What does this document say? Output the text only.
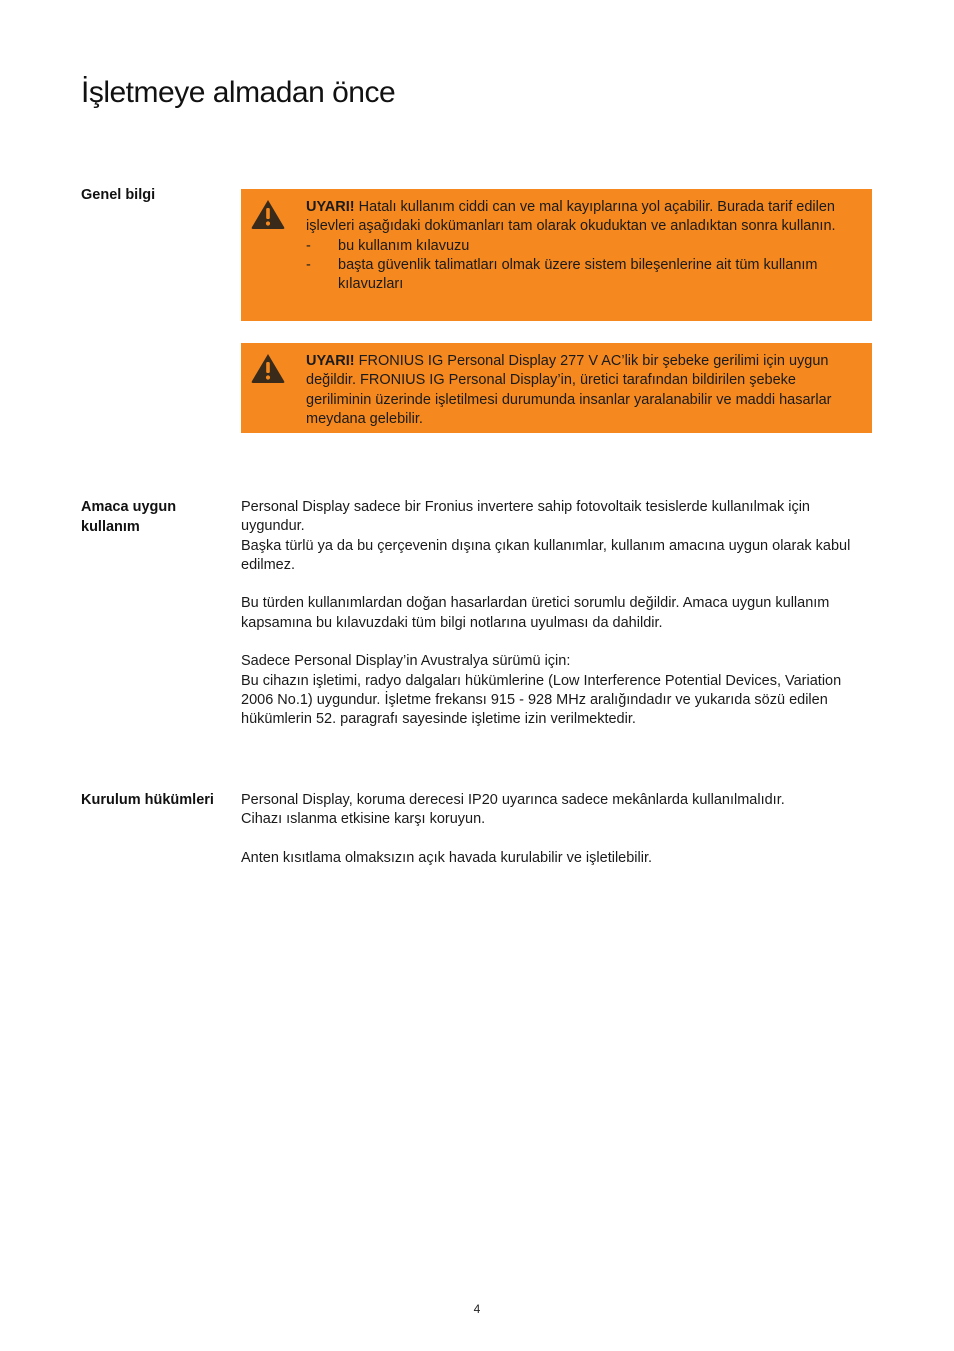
İşletmeye almadan önce
Genel bilgi

UYARI! Hatalı kullanım ciddi can ve mal kayıplarına yol açabilir. Burada tarif edilen işlevleri aşağıdaki dokümanları tam olarak okuduktan ve anladıktan sonra kullanın.

- bu kullanım kılavuzu
- başta güvenlik talimatları olmak üzere sistem bileşenlerine ait tüm kullanım kılavuzları

UYARI! FRONIUS IG Personal Display 277 V AC’lik bir şebeke gerilimi için uygun değildir. FRONIUS IG Personal Display’in, üretici tarafından bildirilen şebeke geriliminin üzerinde işletilmesi durumunda insanlar yaralanabilir ve maddi hasarlar meydana gelebilir.

Amaca uygun kullanım

Personal Display sadece bir Fronius invertere sahip fotovoltaik tesislerde kullanılmak için uygundur.

Başka türlü ya da bu çerçevenin dışına çıkan kullanımlar, kullanım amacına uygun olarak kabul edilmez.

Bu türden kullanımlardan doğan hasarlardan üretici sorumlu değildir. Amaca uygun kullanım kapsamına bu kılavuzdaki tüm bilgi notlarına uyulması da dahildir.

Sadece Personal Display’in Avustralya sürümü için:

Bu cihazın işletimi, radyo dalgaları hükümlerine (Low Interference Potential Devices, Variation 2006 No.1) uygundur. İşletme frekansı 915 - 928 MHz aralığındadır ve yukarıda sözü edilen hükümlerin 52. paragrafı sayesinde işletime izin verilmektedir.

Kurulum hükümleri	Personal Display, koruma derecesi IP20 uyarınca sadece mekânlarda kullanılmalıdır.

Cihazı ıslanma etkisine karşı koruyun.

Anten kısıtlama olmaksızın açık havada kurulabilir ve işletilebilir.

4
